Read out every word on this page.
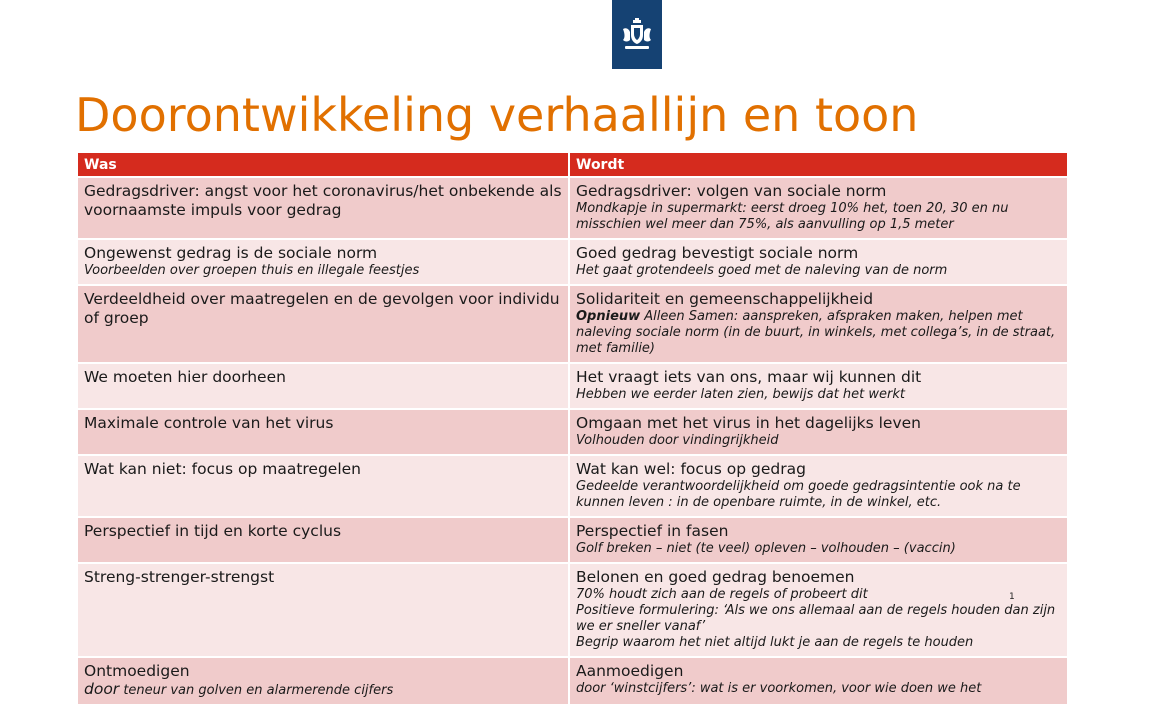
Doorontwikkeling verhaallijn en toon
Was	Wordt

Gedragsdriver: angst voor het coronavirus/het onbekende als voornaamste impuls voor gedrag	Gedragsdriver: volgen van sociale norm
Mondkapje in supermarkt: eerst droeg 10% het, toen 20, 30 en nu misschien wel meer dan 75%, als aanvulling op 1,5 meter

Ongewenst gedrag is de sociale norm
Voorbeelden over groepen thuis en illegale feestjes	Goed gedrag bevestigt sociale norm
Het gaat grotendeels goed met de naleving van de norm

Verdeeldheid over maatregelen en de gevolgen voor individu of groep	Solidariteit en gemeenschappelijkheid
Opnieuw Alleen Samen: aanspreken, afspraken maken, helpen met naleving sociale norm (in de buurt, in winkels, met collega’s, in de straat, met familie)

We moeten hier doorheen	Het vraagt iets van ons, maar wij kunnen dit
Hebben we eerder laten zien, bewijs dat het werkt

Maximale controle van het virus	Omgaan met het virus in het dagelijks leven
Volhouden door vindingrijkheid

Wat kan niet: focus op maatregelen	Wat kan wel: focus op gedrag
Gedeelde verantwoordelijkheid om goede gedragsintentie ook na te kunnen leven : in de openbare ruimte, in de winkel, etc.

Perspectief in tijd en korte cyclus	Perspectief in fasen
Golf breken – niet (te veel) opleven – volhouden – (vaccin)

Streng-strenger-strengst	Belonen en goed gedrag benoemen
70% houdt zich aan de regels of probeert dit
Positieve formulering: ‘Als we ons allemaal aan de regels houden dan zijn we er sneller vanaf’
Begrip waarom het niet altijd lukt je aan de regels te houden

Ontmoedigen
door teneur van golven en alarmerende cijfers	Aanmoedigen
door ‘winstcijfers’: wat is er voorkomen, voor wie doen we het
1
